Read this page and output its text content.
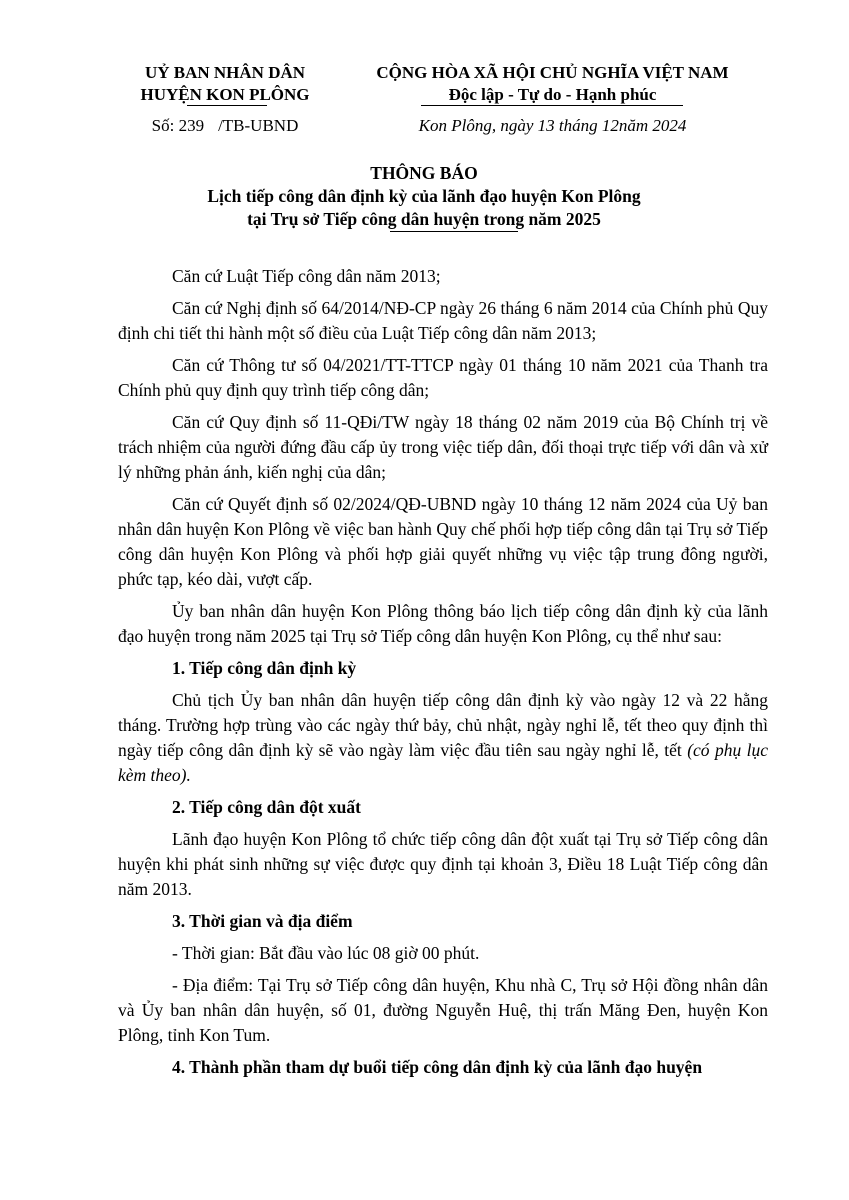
UỶ BAN NHÂN DÂN
HUYỆN KON PLÔNG
CỘNG HÒA XÃ HỘI CHỦ NGHĨA VIỆT NAM
Độc lập - Tự do - Hạnh phúc
Số: 239 /TB-UBND	Kon Plông, ngày 13 tháng 12năm 2024
THÔNG BÁO
Lịch tiếp công dân định kỳ của lãnh đạo huyện Kon Plông
tại Trụ sở Tiếp công dân huyện trong năm 2025

Căn cứ Luật Tiếp công dân năm 2013;

Căn cứ Nghị định số 64/2014/NĐ-CP ngày 26 tháng 6 năm 2014 của Chính phủ Quy định chi tiết thi hành một số điều của Luật Tiếp công dân năm 2013;

Căn cứ Thông tư số 04/2021/TT-TTCP ngày 01 tháng 10 năm 2021 của Thanh tra Chính phủ quy định quy trình tiếp công dân;

Căn cứ Quy định số 11-QĐi/TW ngày 18 tháng 02 năm 2019 của Bộ Chính trị về trách nhiệm của người đứng đầu cấp ủy trong việc tiếp dân, đối thoại trực tiếp với dân và xử lý những phản ánh, kiến nghị của dân;

Căn cứ Quyết định số 02/2024/QĐ-UBND ngày 10 tháng 12 năm 2024 của Uỷ ban nhân dân huyện Kon Plông về việc ban hành Quy chế phối hợp tiếp công dân tại Trụ sở Tiếp công dân huyện Kon Plông và phối hợp giải quyết những vụ việc tập trung đông người, phức tạp, kéo dài, vượt cấp.

Ủy ban nhân dân huyện Kon Plông thông báo lịch tiếp công dân định kỳ của lãnh đạo huyện trong năm 2025 tại Trụ sở Tiếp công dân huyện Kon Plông, cụ thể như sau:

1. Tiếp công dân định kỳ

Chủ tịch Ủy ban nhân dân huyện tiếp công dân định kỳ vào ngày 12 và 22 hằng tháng. Trường hợp trùng vào các ngày thứ bảy, chủ nhật, ngày nghỉ lễ, tết theo quy định thì ngày tiếp công dân định kỳ sẽ vào ngày làm việc đầu tiên sau ngày nghỉ lễ, tết (có phụ lục kèm theo).

2. Tiếp công dân đột xuất

Lãnh đạo huyện Kon Plông tổ chức tiếp công dân đột xuất tại Trụ sở Tiếp công dân huyện khi phát sinh những sự việc được quy định tại khoản 3, Điều 18 Luật Tiếp công dân năm 2013.

3. Thời gian và địa điểm

- Thời gian: Bắt đầu vào lúc 08 giờ 00 phút.

- Địa điểm: Tại Trụ sở Tiếp công dân huyện, Khu nhà C, Trụ sở Hội đồng nhân dân và Ủy ban nhân dân huyện, số 01, đường Nguyễn Huệ, thị trấn Măng Đen, huyện Kon Plông, tỉnh Kon Tum.

4. Thành phần tham dự buổi tiếp công dân định kỳ của lãnh đạo huyện
